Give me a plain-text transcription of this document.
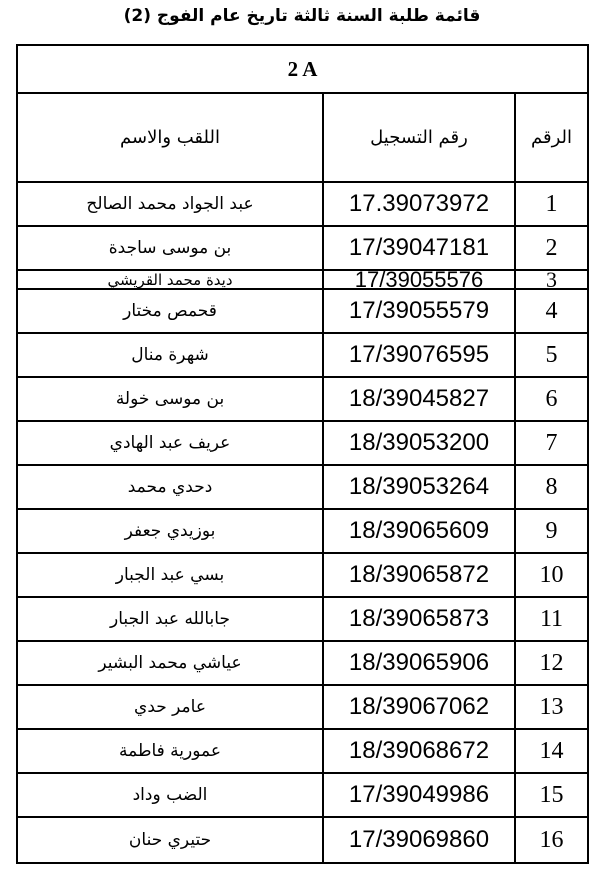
قائمة طلبة السنة ثالثة تاريخ عام الفوج (2)
2 A
اللقب والاسم	رقم التسجيل	الرقم
عبد الجواد محمد الصالح	17.39073972	1
بن موسى ساجدة	17/39047181	2
ديدة محمد القريشي	17/39055576	3
قحمص مختار	17/39055579	4
شهرة منال	17/39076595	5
بن موسى خولة	18/39045827	6
عريف عبد الهادي	18/39053200	7
دحدي محمد	18/39053264	8
بوزيدي جعفر	18/39065609	9
بسي عبد الجبار	18/39065872	10
جابالله عبد الجبار	18/39065873	11
عياشي محمد البشير	18/39065906	12
عامر حدي	18/39067062	13
عمورية فاطمة	18/39068672	14
الضب وداد	17/39049986	15
حتيري حنان	17/39069860	16
